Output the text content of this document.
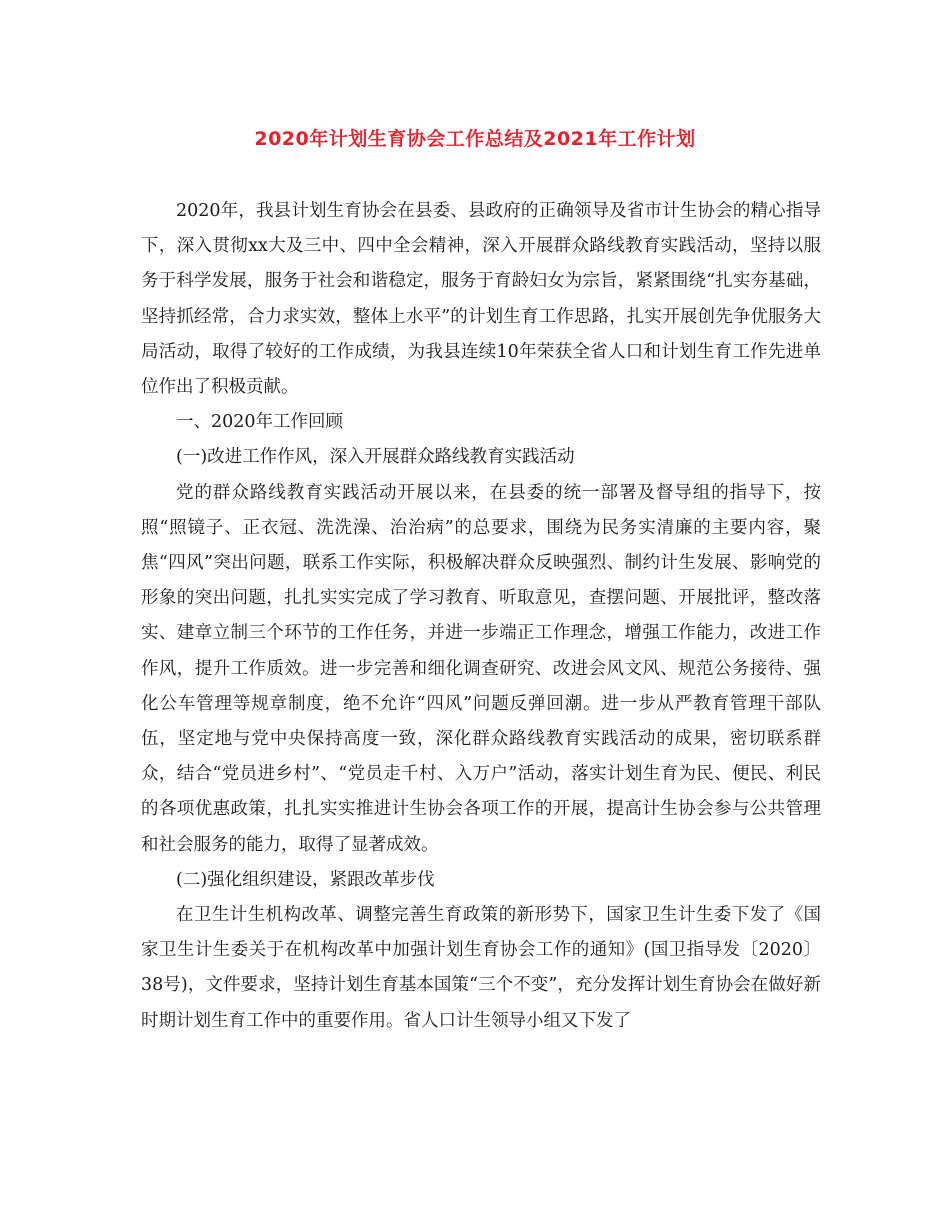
2020年计划生育协会工作总结及2021年工作计划

2020年，我县计划生育协会在县委、县政府的正确领导及省市计生协会的精心指导下，深入贯彻xx大及三中、四中全会精神，深入开展群众路线教育实践活动，坚持以服务于科学发展，服务于社会和谐稳定，服务于育龄妇女为宗旨，紧紧围绕“扎实夯基础，坚持抓经常，合力求实效，整体上水平”的计划生育工作思路，扎实开展创先争优服务大局活动，取得了较好的工作成绩，为我县连续10年荣获全省人口和计划生育工作先进单位作出了积极贡献。

一、2020年工作回顾

(一)改进工作作风，深入开展群众路线教育实践活动

党的群众路线教育实践活动开展以来，在县委的统一部署及督导组的指导下，按照“照镜子、正衣冠、洗洗澡、治治病”的总要求，围绕为民务实清廉的主要内容，聚焦“四风”突出问题，联系工作实际，积极解决群众反映强烈、制约计生发展、影响党的形象的突出问题，扎扎实实完成了学习教育、听取意见，查摆问题、开展批评，整改落实、建章立制三个环节的工作任务，并进一步端正工作理念，增强工作能力，改进工作作风，提升工作质效。进一步完善和细化调查研究、改进会风文风、规范公务接待、强化公车管理等规章制度，绝不允许“四风”问题反弹回潮。进一步从严教育管理干部队伍，坚定地与党中央保持高度一致，深化群众路线教育实践活动的成果，密切联系群众，结合“党员进乡村”、“党员走千村、入万户”活动，落实计划生育为民、便民、利民的各项优惠政策，扎扎实实推进计生协会各项工作的开展，提高计生协会参与公共管理和社会服务的能力，取得了显著成效。

(二)强化组织建设，紧跟改革步伐

在卫生计生机构改革、调整完善生育政策的新形势下，国家卫生计生委下发了《国家卫生计生委关于在机构改革中加强计划生育协会工作的通知》(国卫指导发〔2020〕38号)，文件要求，坚持计划生育基本国策“三个不变”，充分发挥计划生育协会在做好新时期计划生育工作中的重要作用。省人口计生领导小组又下发了
